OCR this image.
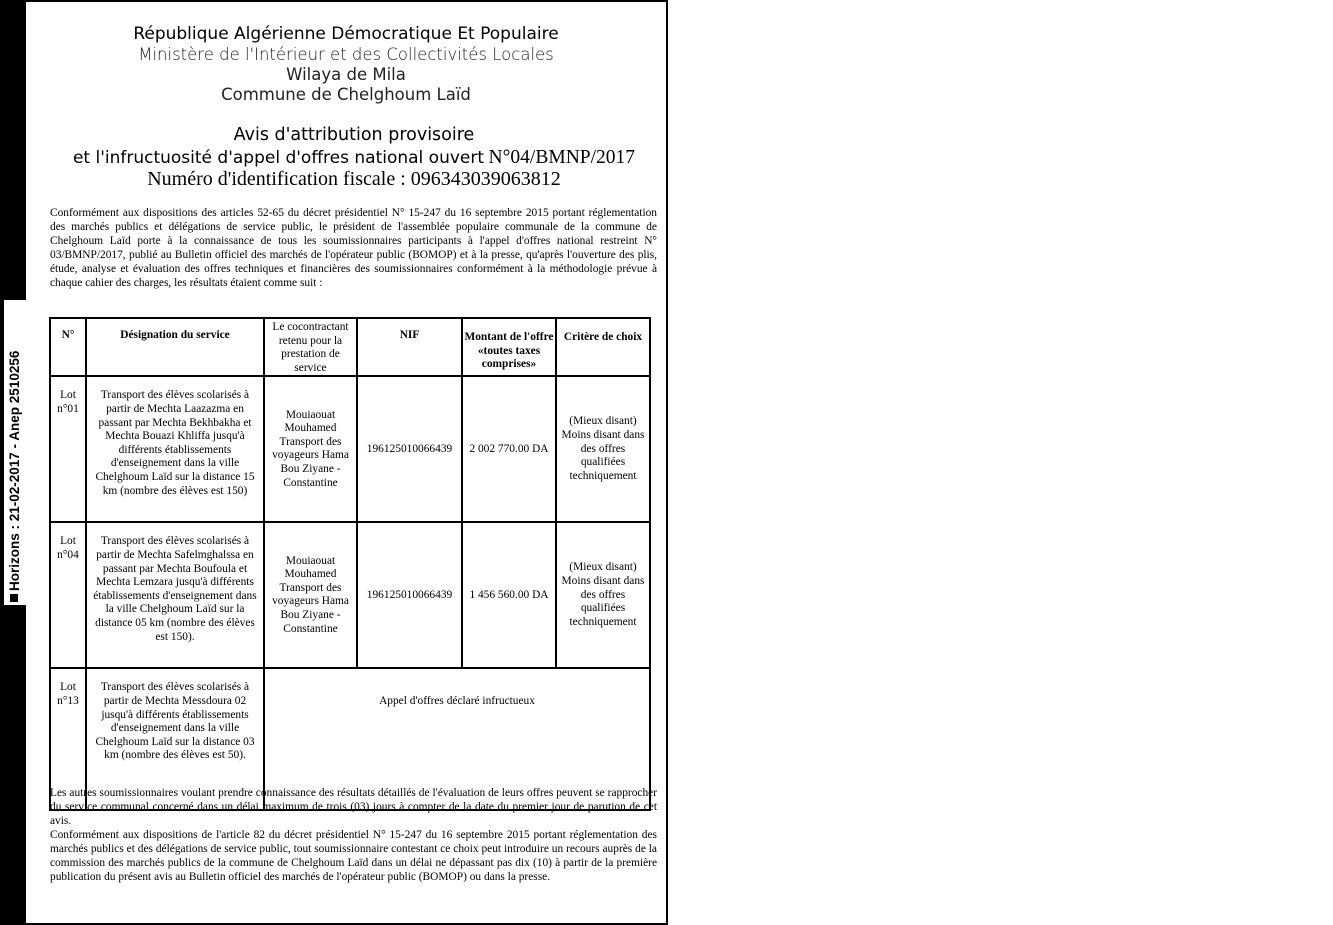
Horizons : 21-02-2017 - Anep 2510256
République Algérienne Démocratique Et Populaire
Ministère de l'Intérieur et des Collectivités Locales
Wilaya de Mila
Commune de Chelghoum Laïd
Avis d'attribution provisoire
et l'infructuosité d'appel d'offres national ouvert N°04/BMNP/2017
Numéro d'identification fiscale : 096343039063812
Conformément aux dispositions des articles 52-65 du décret présidentiel N° 15-247 du 16 septembre 2015 portant réglementation des marchés publics et délégations de service public, le président de l'assemblée populaire communale de la commune de Chelghoum Laïd porte à la connaissance de tous les soumissionnaires participants à l'appel d'offres national restreint N° 03/BMNP/2017, publié au Bulletin officiel des marchés de l'opérateur public (BOMOP) et à la presse, qu'après l'ouverture des plis, étude, analyse et évaluation des offres techniques et financières des soumissionnaires conformément à la méthodologie prévue à chaque cahier des charges, les résultats étaient comme suit :
N°	Désignation du service	Le cocontractant retenu pour la prestation de service	NIF	Montant de l'offre «toutes taxes comprises»	Critère de choix
Lot n°01	Transport des élèves scolarisés à partir de Mechta Laazazma en passant par Mechta Bekhbakha et Mechta Bouazi Khliffa jusqu'à différents établissements d'enseignement dans la ville Chelghoum Laïd sur la distance 15 km (nombre des élèves est 150)	Mouiaouat Mouhamed Transport des voyageurs Hama Bou Ziyane - Constantine	196125010066439	2 002 770.00 DA	(Mieux disant) Moins disant dans des offres qualifiées techniquement
Lot n°04	Transport des élèves scolarisés à partir de Mechta Safelmghalssa en passant par Mechta Boufoula et Mechta Lemzara jusqu'à différents établissements d'enseignement dans la ville Chelghoum Laïd sur la distance 05 km (nombre des élèves est 150).	Mouiaouat Mouhamed Transport des voyageurs Hama Bou Ziyane - Constantine	196125010066439	1 456 560.00 DA	(Mieux disant) Moins disant dans des offres qualifiées techniquement
Lot n°13	Transport des élèves scolarisés à partir de Mechta Messdoura 02 jusqu'à différents établissements d'enseignement dans la ville Chelghoum Laïd sur la distance 03 km (nombre des élèves est 50).	Appel d'offres déclaré infructueux			
Les autres soumissionnaires voulant prendre connaissance des résultats détaillés de l'évaluation de leurs offres peuvent se rapprocher du service communal concerné dans un délai maximum de trois (03) jours à compter de la date du premier jour de parution de cet avis.
Conformément aux dispositions de l'article 82 du décret présidentiel N° 15-247 du 16 septembre 2015 portant réglementation des marchés publics et des délégations de service public, tout soumissionnaire contestant ce choix peut introduire un recours auprès de la commission des marchés publics de la commune de Chelghoum Laïd dans un délai ne dépassant pas dix (10) à partir de la première publication du présent avis au Bulletin officiel des marchés de l'opérateur public (BOMOP) ou dans la presse.
